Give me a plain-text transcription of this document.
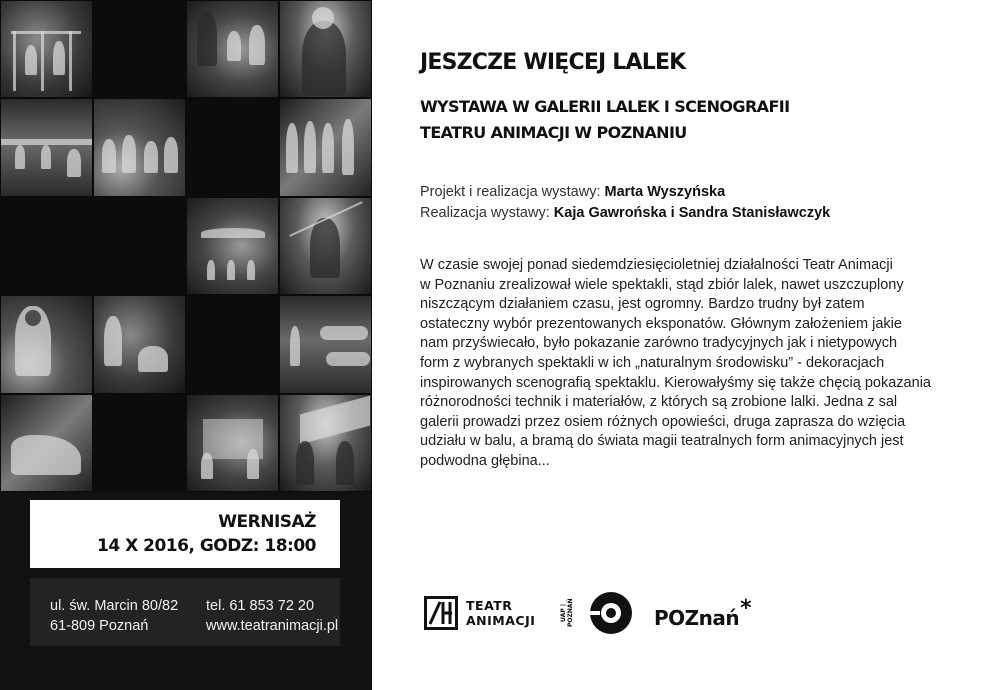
WERNISAŻ
14 X 2016, GODZ: 18:00
ul. św. Marcin 80/82	tel. 61 853 72 20
61-809 Poznań	www.teatranimacji.pl
JESZCZE WIĘCEJ LALEK
WYSTAWA W GALERII LALEK I SCENOGRAFII
TEATRU ANIMACJI W POZNANIU
Projekt i realizacja wystawy: Marta Wyszyńska
Realizacja wystawy: Kaja Gawrońska i Sandra Stanisławczyk

W czasie swojej ponad siedemdziesięcioletniej działalności Teatr Animacji
w Poznaniu zrealizował wiele spektakli, stąd zbiór lalek, nawet uszczuplony
niszczącym działaniem czasu, jest ogromny. Bardzo trudny był zatem
ostateczny wybór prezentowanych eksponatów. Głównym założeniem jakie
nam przyświecało, było pokazanie zarówno tradycyjnych jak i nietypowych
form z wybranych spektakli w ich „naturalnym środowisku” - dekoracjach
inspirowanych scenografią spektaklu. Kierowałyśmy się także chęcią pokazania
różnorodności technik i materiałów, z których są zrobione lalki. Jedna z sal
galerii prowadzi przez osiem różnych opowieści, druga zaprasza do wzięcia
udziału w balu, a bramą do świata magii teatralnych form animacyjnych jest
podwodna głębina...

TEATR
ANIMACJI	UAP | POZNAŃ	POZnań*
